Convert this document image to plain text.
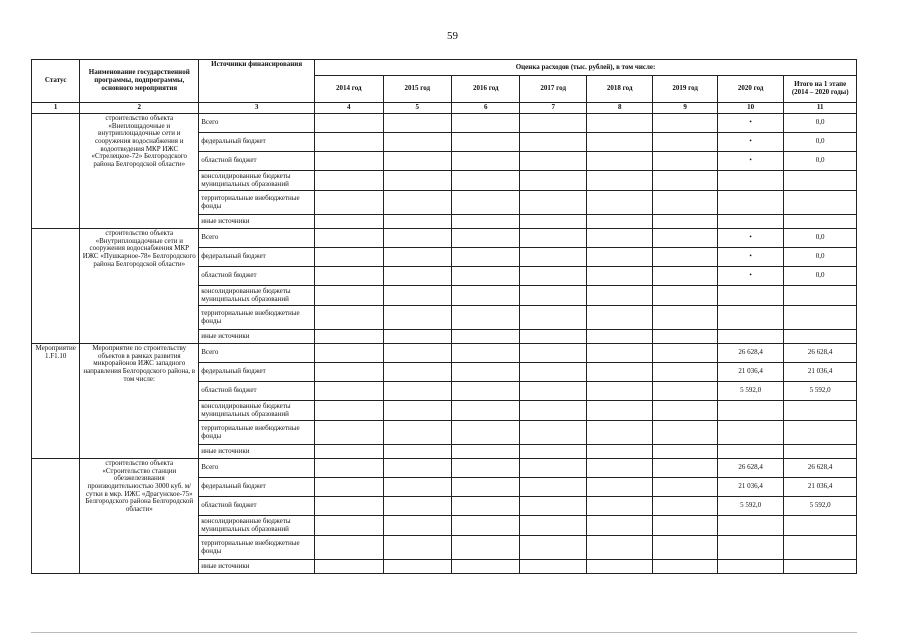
59
Статус	Наименование государственной программы, подпрограммы, основного мероприятия	Источники финансирования	Оценка расходов (тыс. рублей), в том числе:							
			2014 год	2015 год	2016 год	2017 год	2018 год	2019 год	2020 год	Итого на 1 этапе (2014 – 2020 годы)
1	2	3	4	5	6	7	8	9	10	11
	строительство объекта «Внеплощадочные и внутриплощадочные сети и сооружения водоснабжения и водоотведения МКР ИЖС «Стрелецкое-72» Белгородского района Белгородской области»	Всего							•	0,0
		федеральный бюджет							•	0,0
		областной бюджет							•	0,0
		консолидированные бюджеты муниципальных образований								
		территориальные внебюджетные фонды								
		иные источники								
	строительство объекта «Внутриплощадочные сети и сооружения водоснабжения МКР ИЖС «Пушкарное-78» Белгородского района Белгородской области»	Всего							•	0,0
		федеральный бюджет							•	0,0
		областной бюджет							•	0,0
		консолидированные бюджеты муниципальных образований								
		территориальные внебюджетные фонды								
		иные источники								
Мероприятие 1.F1.10	Мероприятие по строительству объектов в рамках развития микрорайонов ИЖС западного направления Белгородского района, в том числе:	Всего							26 628,4	26 628,4
		федеральный бюджет							21 036,4	21 036,4
		областной бюджет							5 592,0	5 592,0
		консолидированные бюджеты муниципальных образований								
		территориальные внебюджетные фонды								
		иные источники								
	строительство объекта «Строительство станции обезжелезивания производительностью 3000 куб. м/сутки в мкр. ИЖС «Драгунское-75» Белгородского района Белгородской области»	Всего							26 628,4	26 628,4
		федеральный бюджет							21 036,4	21 036,4
		областной бюджет							5 592,0	5 592,0
		консолидированные бюджеты муниципальных образований								
		территориальные внебюджетные фонды								
		иные источники								
